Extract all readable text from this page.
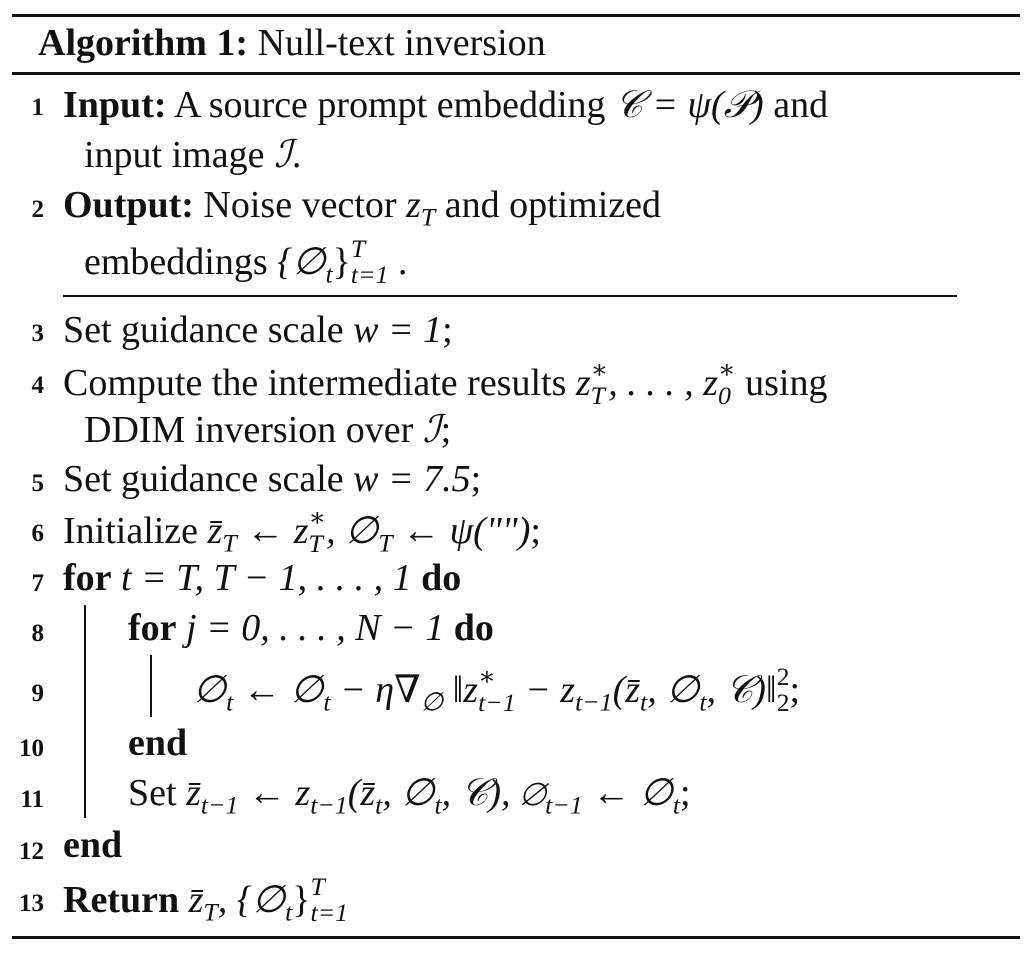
Algorithm 1: Null-text inversion
1 Input: A source prompt embedding 𝒞 = ψ(𝒫) and
input image ℐ.
2 Output: Noise vector $z_T$ and optimized
embeddings $\{\emptyset_t\}$ T
t=1 .
3 Set guidance scale w = 1;
4 Compute the intermediate results z ∗
T , . . . , z ∗
0 using
DDIM inversion over ℐ;
5 Set guidance scale w = 7.5;
6 Initialize $z̄_T$ ← z ∗
T , $\emptyset_T$ ← ψ("");
7 for t = T, T − 1, . . . , 1 do
8 for j = 0, . . . , N − 1 do
9	$\emptyset_t$ ← $\emptyset_t - \eta\nabla_\emptyset$ ‖z ∗
$t-1 - z_{t-1}(z̄_t$, $\emptyset_t$, 𝒞)‖ 2
2 ;
10 end
11 Set $z̄_{t-1}$ ← $z_{t-1}(z̄_t$, $\emptyset_t$, 𝒞), $\emptyset_{t-1}$ ← $\emptyset_t$;
12 end
13 Return $z̄_T$, $\{\emptyset_t\}$ T
t=1
